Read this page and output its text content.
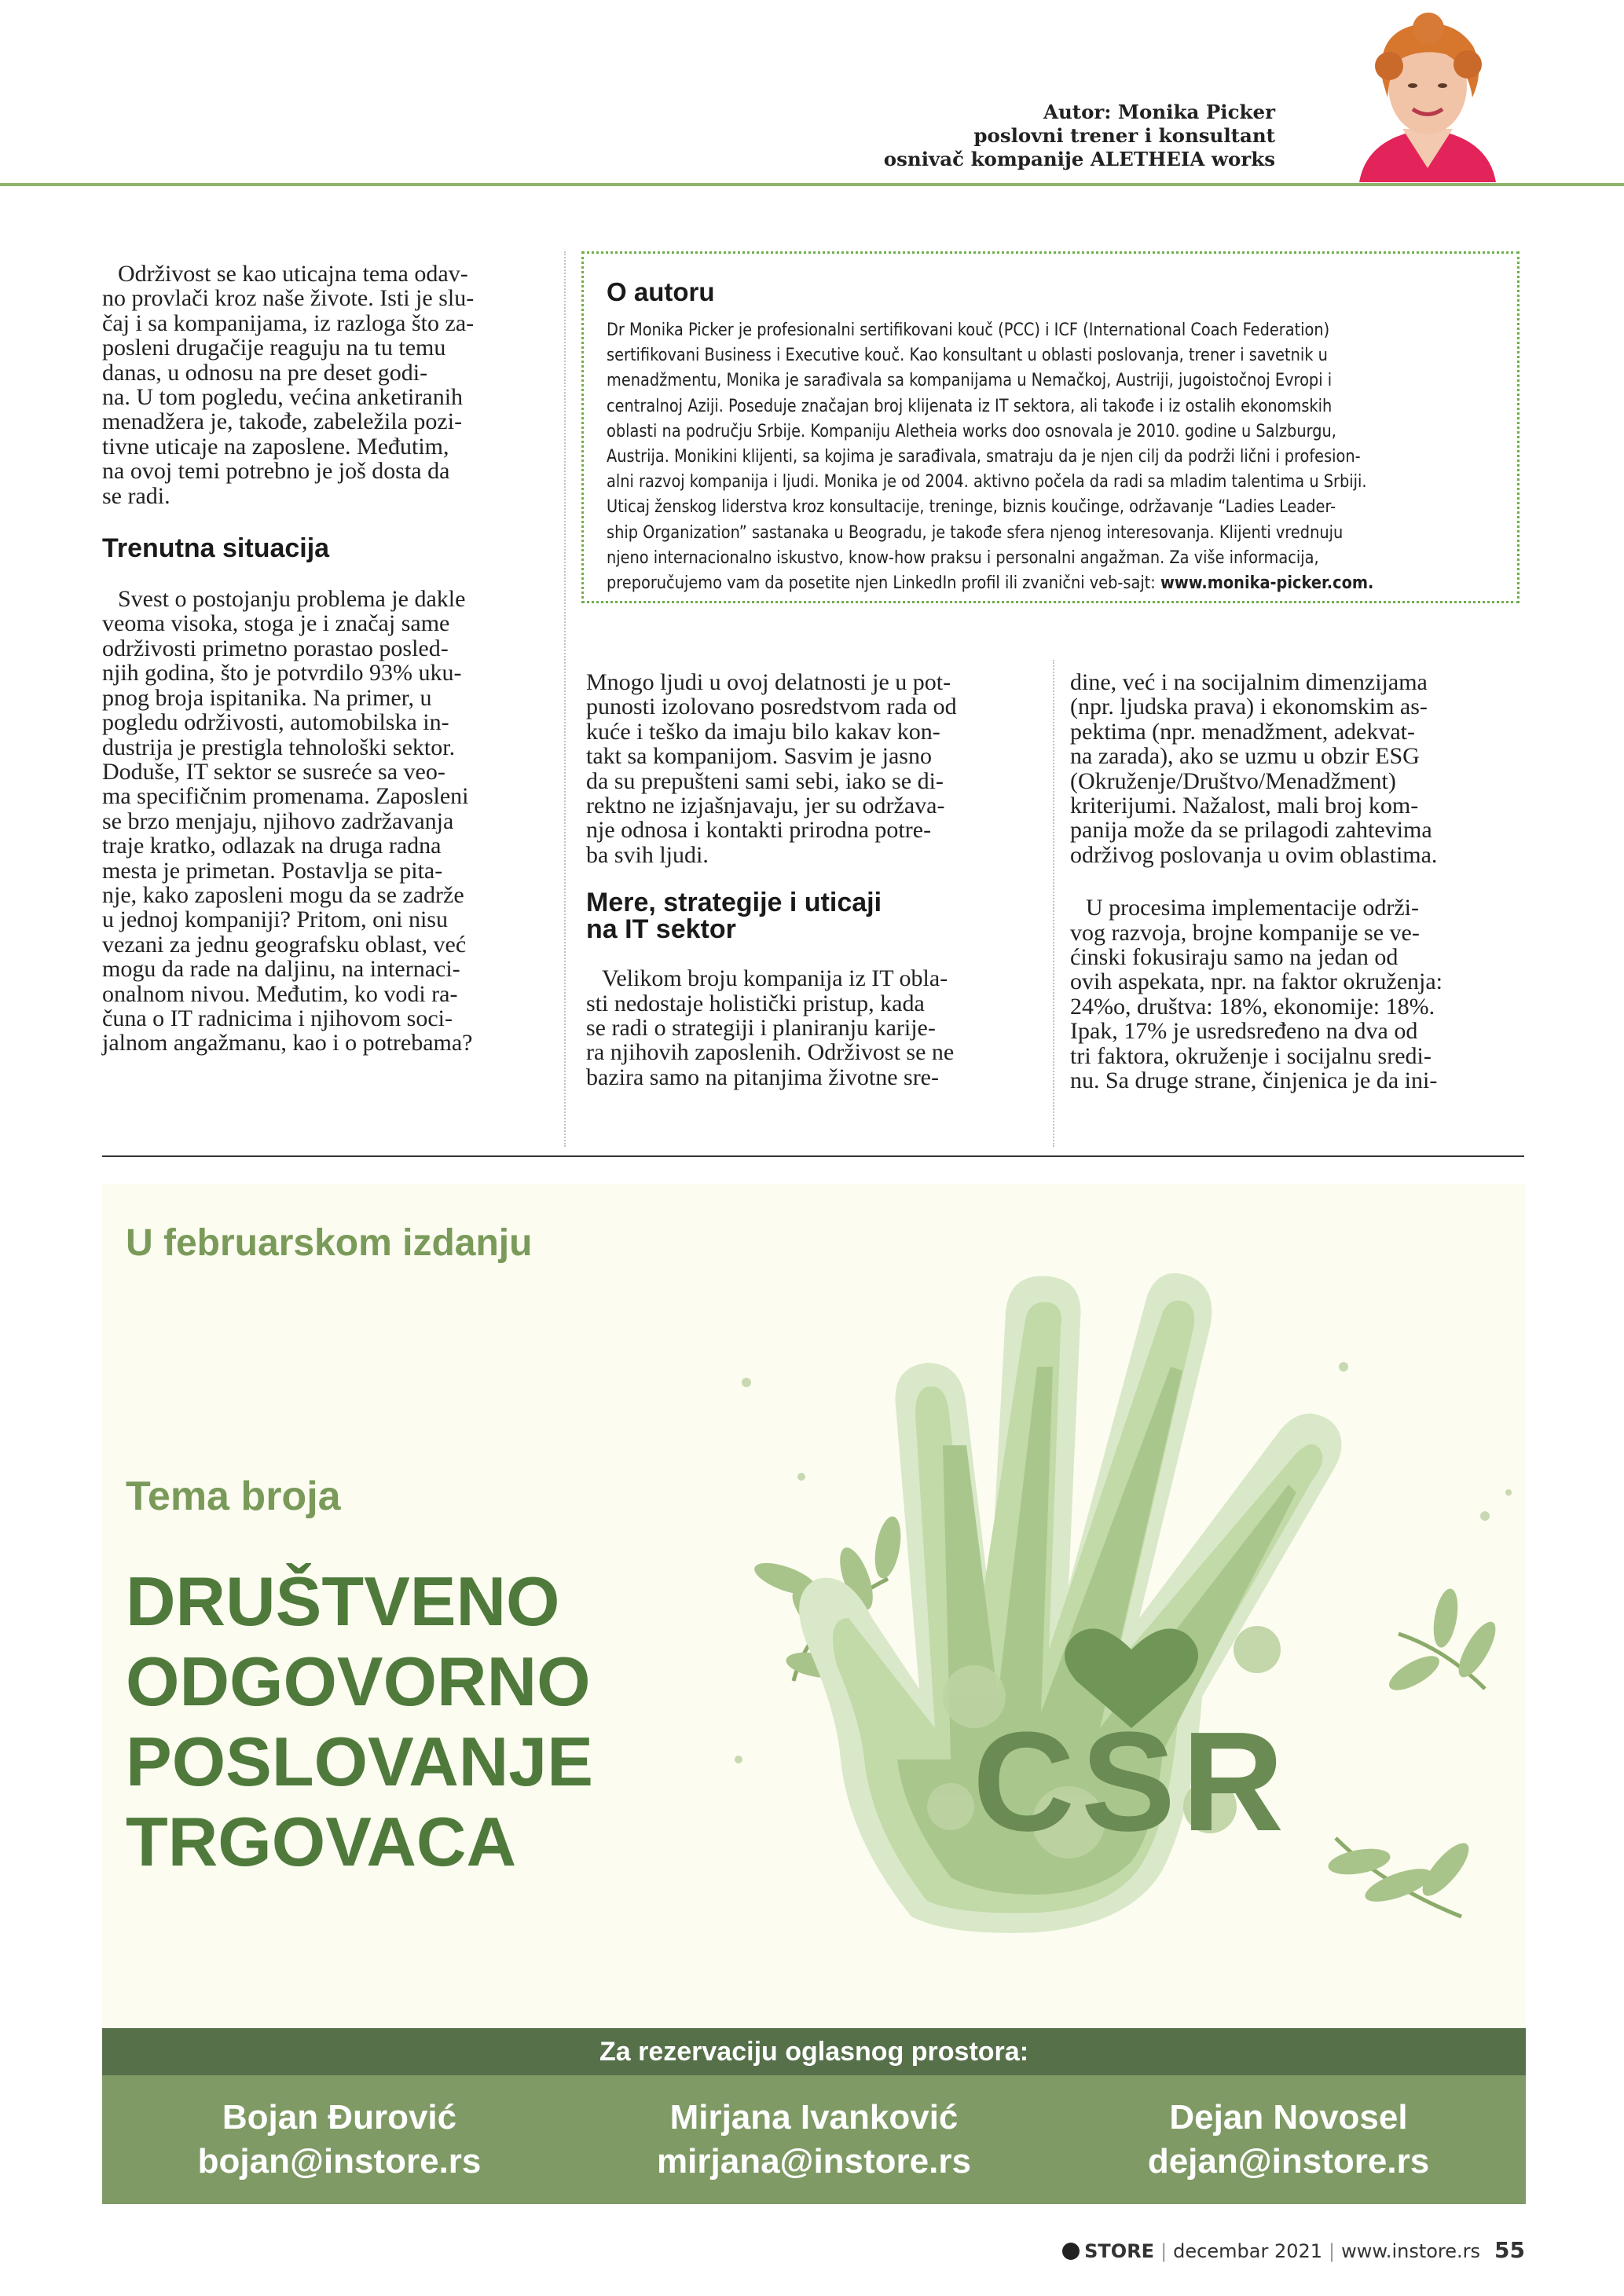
Autor: Monika Picker
poslovni trener i konsultant
osnivač kompanije ALETHEIA works

Održivost se kao uticajna tema odav-

no provlači kroz naše živote. Isti je slu-

čaj i sa kompanijama, iz razloga što za-

posleni drugačije reaguju na tu temu

danas, u odnosu na pre deset godi-

na. U tom pogledu, većina anketiranih

menadžera je, takođe, zabeležila pozi-

tivne uticaje na zaposlene. Međutim,

na ovoj temi potrebno je još dosta da

se radi.

Trenutna situacija

Svest o postojanju problema je dakle

veoma visoka, stoga je i značaj same

održivosti primetno porastao posled-

njih godina, što je potvrdilo 93% uku-

pnog broja ispitanika. Na primer, u

pogledu održivosti, automobilska in-

dustrija je prestigla tehnološki sektor.

Doduše, IT sektor se susreće sa veo-

ma specifičnim promenama. Zaposleni

se brzo menjaju, njihovo zadržavanja

traje kratko, odlazak na druga radna

mesta je primetan. Postavlja se pita-

nje, kako zaposleni mogu da se zadrže

u jednoj kompaniji? Pritom, oni nisu

vezani za jednu geografsku oblast, već

mogu da rade na daljinu, na internaci-

onalnom nivou. Međutim, ko vodi ra-

čuna o IT radnicima i njihovom soci-

jalnom angažmanu, kao i o potrebama?

O autoru
Dr Monika Picker je profesionalni sertifikovani kouč (PCC) i ICF (International Coach Federation)
sertifikovani Business i Executive kouč. Kao konsultant u oblasti poslovanja, trener i savetnik u
menadžmentu, Monika je sarađivala sa kompanijama u Nemačkoj, Austriji, jugoistočnoj Evropi i
centralnoj Aziji. Poseduje značajan broj klijenata iz IT sektora, ali takođe i iz ostalih ekonomskih
oblasti na području Srbije. Kompaniju Aletheia works doo osnovala je 2010. godine u Salzburgu,
Austrija. Monikini klijenti, sa kojima je sarađivala, smatraju da je njen cilj da podrži lični i profesion-
alni razvoj kompanija i ljudi. Monika je od 2004. aktivno počela da radi sa mladim talentima u Srbiji.
Uticaj ženskog liderstva kroz konsultacije, treninge, biznis koučinge, održavanje “Ladies Leader-
ship Organization” sastanaka u Beogradu, je takođe sfera njenog interesovanja. Klijenti vrednuju
njeno internacionalno iskustvo, know-how praksu i personalni angažman. Za više informacija,
preporučujemo vam da posetite njen LinkedIn profil ili zvanični veb-sajt: www.monika-picker.com.

Mnogo ljudi u ovoj delatnosti je u pot-

punosti izolovano posredstvom rada od

kuće i teško da imaju bilo kakav kon-

takt sa kompanijom. Sasvim je jasno

da su prepušteni sami sebi, iako se di-

rektno ne izjašnjavaju, jer su održava-

nje odnosa i kontakti prirodna potre-

ba svih ljudi.

Mere, strategije i uticaji
na IT sektor

Velikom broju kompanija iz IT obla-

sti nedostaje holistički pristup, kada

se radi o strategiji i planiranju karije-

ra njihovih zaposlenih. Održivost se ne

bazira samo na pitanjima životne sre-

dine, već i na socijalnim dimenzijama

(npr. ljudska prava) i ekonomskim as-

pektima (npr. menadžment, adekvat-

na zarada), ako se uzmu u obzir ESG

(Okruženje/Društvo/Menadžment)

kriterijumi. Nažalost, mali broj kom-

panija može da se prilagodi zahtevima

održivog poslovanja u ovim oblastima.

U procesima implementacije održi-

vog razvoja, brojne kompanije se ve-

ćinski fokusiraju samo na jedan od

ovih aspekata, npr. na faktor okruženja:

24%o, društva: 18%, ekonomije: 18%.

Ipak, 17% je usredsređeno na dva od

tri faktora, okruženje i socijalnu sredi-

nu. Sa druge strane, činjenica je da ini-

CSR
U februarskom izdanju
Tema broja
DRUŠTVENO
ODGOVORNO
POSLOVANJE
TRGOVACA
Za rezervaciju oglasnog prostora:
Bojan Đurović
bojan@instore.rs
Mirjana Ivanković
mirjana@instore.rs
Dejan Novosel
dejan@instore.rs
STORE | decembar 2021 | www.instore.rs 55
